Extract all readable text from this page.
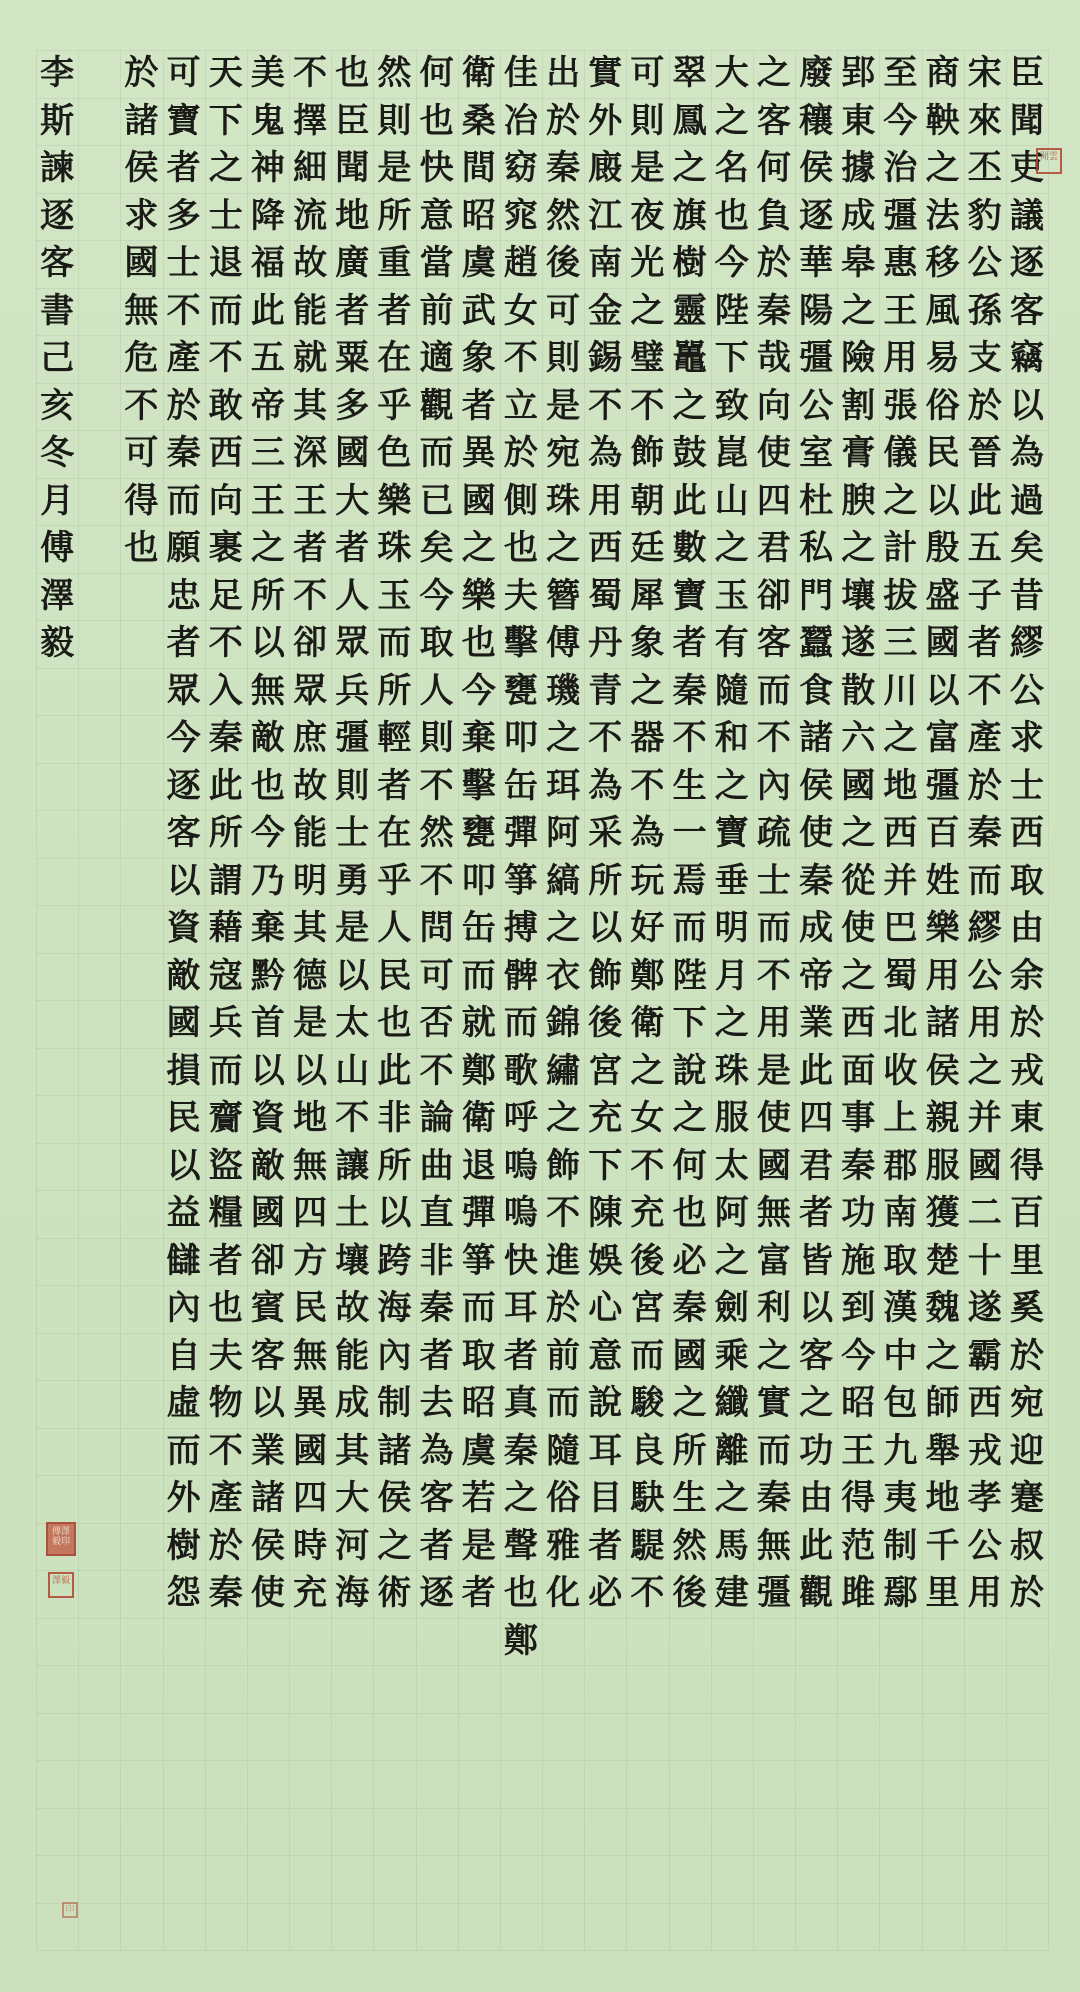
臣
聞
吏
議
逐
客
竊
以
為
過
矣
昔
繆
公
求
士
西
取
由
余
於
戎
東
得
百
里
奚
於
宛
迎
蹇
叔
於
宋
來
丕
豹
公
孫
支
於
晉
此
五
子
者
不
產
於
秦
而
繆
公
用
之
并
國
二
十
遂
霸
西
戎
孝
公
用
商
鞅
之
法
移
風
易
俗
民
以
殷
盛
國
以
富
彊
百
姓
樂
用
諸
侯
親
服
獲
楚
魏
之
師
舉
地
千
里
至
今
治
彊
惠
王
用
張
儀
之
計
拔
三
川
之
地
西
并
巴
蜀
北
收
上
郡
南
取
漢
中
包
九
夷
制
鄢
郢
東
據
成
皋
之
險
割
膏
腴
之
壤
遂
散
六
國
之
從
使
之
西
面
事
秦
功
施
到
今
昭
王
得
范
雎
廢
穰
侯
逐
華
陽
彊
公
室
杜
私
門
蠶
食
諸
侯
使
秦
成
帝
業
此
四
君
者
皆
以
客
之
功
由
此
觀
之
客
何
負
於
秦
哉
向
使
四
君
卻
客
而
不
內
疏
士
而
不
用
是
使
國
無
富
利
之
實
而
秦
無
彊
大
之
名
也
今
陛
下
致
崑
山
之
玉
有
隨
和
之
寶
垂
明
月
之
珠
服
太
阿
之
劍
乘
纖
離
之
馬
建
翠
鳳
之
旗
樹
靈
鼉
之
鼓
此
數
寶
者
秦
不
生
一
焉
而
陛
下
說
之
何
也
必
秦
國
之
所
生
然
後
可
則
是
夜
光
之
璧
不
飾
朝
廷
犀
象
之
器
不
為
玩
好
鄭
衛
之
女
不
充
後
宮
而
駿
良
駃
騠
不
實
外
廄
江
南
金
錫
不
為
用
西
蜀
丹
青
不
為
采
所
以
飾
後
宮
充
下
陳
娛
心
意
說
耳
目
者
必
出
於
秦
然
後
可
則
是
宛
珠
之
簪
傅
璣
之
珥
阿
縞
之
衣
錦
繡
之
飾
不
進
於
前
而
隨
俗
雅
化
佳
冶
窈
窕
趙
女
不
立
於
側
也
夫
擊
甕
叩
缶
彈
箏
搏
髀
而
歌
呼
嗚
嗚
快
耳
者
真
秦
之
聲
也
鄭
衛
桑
間
昭
虞
武
象
者
異
國
之
樂
也
今
棄
擊
甕
叩
缶
而
就
鄭
衛
退
彈
箏
而
取
昭
虞
若
是
者
何
也
快
意
當
前
適
觀
而
已
矣
今
取
人
則
不
然
不
問
可
否
不
論
曲
直
非
秦
者
去
為
客
者
逐
然
則
是
所
重
者
在
乎
色
樂
珠
玉
而
所
輕
者
在
乎
人
民
也
此
非
所
以
跨
海
內
制
諸
侯
之
術
也
臣
聞
地
廣
者
粟
多
國
大
者
人
眾
兵
彊
則
士
勇
是
以
太
山
不
讓
土
壤
故
能
成
其
大
河
海
不
擇
細
流
故
能
就
其
深
王
者
不
卻
眾
庶
故
能
明
其
德
是
以
地
無
四
方
民
無
異
國
四
時
充
美
鬼
神
降
福
此
五
帝
三
王
之
所
以
無
敵
也
今
乃
棄
黔
首
以
資
敵
國
卻
賓
客
以
業
諸
侯
使
天
下
之
士
退
而
不
敢
西
向
裹
足
不
入
秦
此
所
謂
藉
寇
兵
而
齎
盜
糧
者
也
夫
物
不
產
於
秦
可
寶
者
多
士
不
產
於
秦
而
願
忠
者
眾
今
逐
客
以
資
敵
國
損
民
以
益
讎
內
自
虛
而
外
樹
怨
於
諸
侯
求
國
無
危
不
可
得
也
李
斯
諫
逐
客
書
己
亥
冬
月
傅
澤
毅
閒雲
傅澤毅印
澤毅
印
